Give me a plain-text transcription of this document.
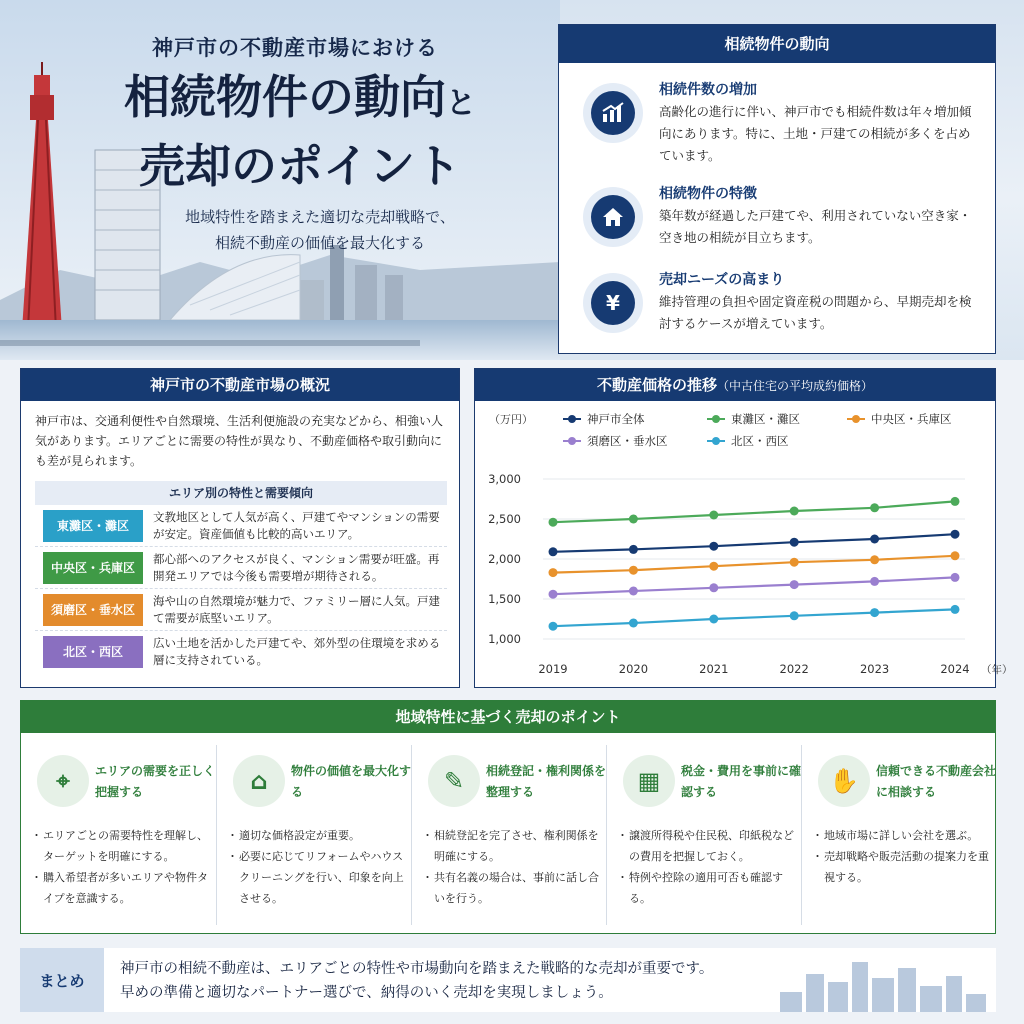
神戸市の不動産市場における
相続物件の動向と
売却のポイント
地域特性を踏まえた適切な売却戦略で、
相続不動産の価値を最大化する
相続物件の動向
相続件数の増加
高齢化の進行に伴い、神戸市でも相続件数は年々増加傾向にあります。特に、土地・戸建ての相続が多くを占めています。
相続物件の特徴
築年数が経過した戸建てや、利用されていない空き家・空き地の相続が目立ちます。
¥
売却ニーズの高まり
維持管理の負担や固定資産税の問題から、早期売却を検討するケースが増えています。
神戸市の不動産市場の概況
神戸市は、交通利便性や自然環境、生活利便施設の充実などから、相強い人気があります。エリアごとに需要の特性が異なり、不動産価格や取引動向にも差が見られます。
エリア別の特性と需要傾向
東灘区・灘区
文教地区として人気が高く、戸建てやマンションの需要が安定。資産価値も比較的高いエリア。
中央区・兵庫区
都心部へのアクセスが良く、マンション需要が旺盛。再開発エリアでは今後も需要増が期待される。
須磨区・垂水区
海や山の自然環境が魅力で、ファミリー層に人気。戸建て需要が底堅いエリア。
北区・西区
広い土地を活かした戸建てや、郊外型の住環境を求める層に支持されている。
不動産価格の推移（中古住宅の平均成約価格）
（万円）
1,000
1,500
2,000
2,500
3,000
2019	2020	2021	2022	2023	2024 （年）
神戸市全体	東灘区・灘区	中央区・兵庫区
須磨区・垂水区	北区・西区
地域特性に基づく売却のポイント
⌖	エリアの需要を正しく把握する
・ エリアごとの需要特性を理解し、ターゲットを明確にする。
・ 購入希望者が多いエリアや物件タイプを意識する。
⌂	物件の価値を最大化する
・ 適切な価格設定が重要。
・ 必要に応じてリフォームやハウスクリーニングを行い、印象を向上させる。
✎	相続登記・権利関係を整理する
・ 相続登記を完了させ、権利関係を明確にする。
・ 共有名義の場合は、事前に話し合いを行う。
▦	税金・費用を事前に確認する
・ 譲渡所得税や住民税、印紙税などの費用を把握しておく。
・ 特例や控除の適用可否も確認する。
✋	信頼できる不動産会社に相談する
・ 地域市場に詳しい会社を選ぶ。
・ 売却戦略や販売活動の提案力を重視する。
まとめ
神戸市の相続不動産は、エリアごとの特性や市場動向を踏まえた戦略的な売却が重要です。
早めの準備と適切なパートナー選びで、納得のいく売却を実現しましょう。
